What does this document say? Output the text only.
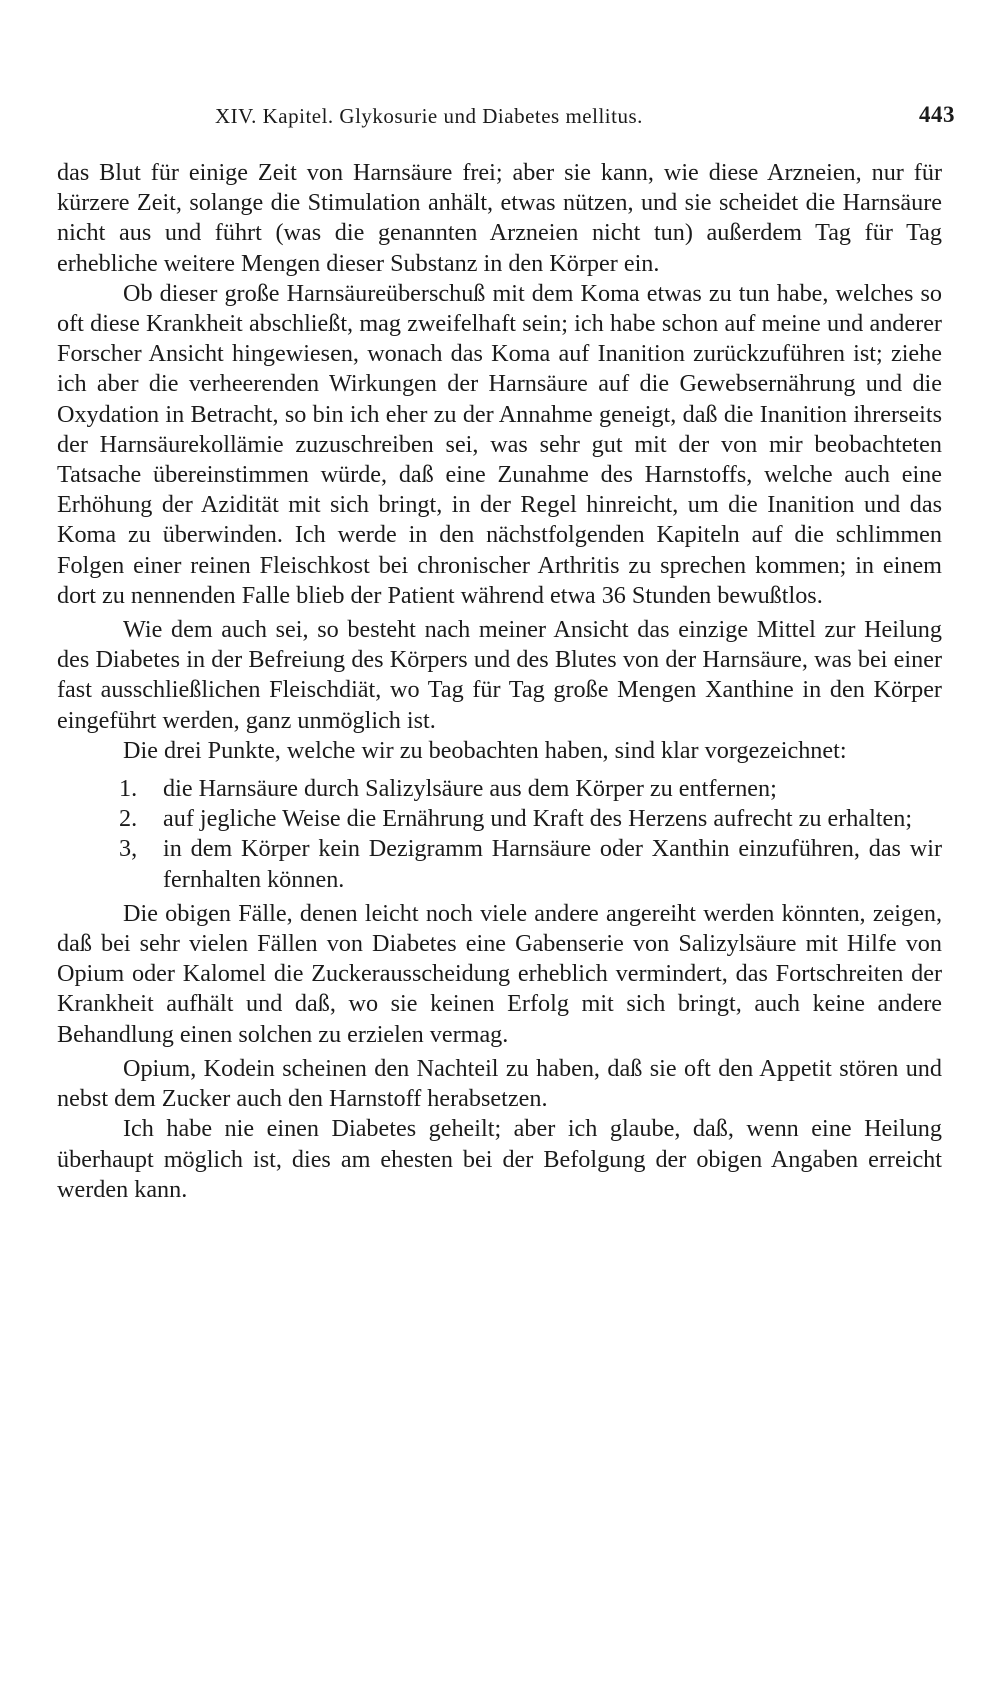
XIV. Kapitel. Glykosurie und Diabetes mellitus.	443

das Blut für einige Zeit von Harnsäure frei; aber sie kann, wie diese Arzneien, nur für kürzere Zeit, solange die Stimulation anhält, etwas nützen, und sie scheidet die Harnsäure nicht aus und führt (was die genannten Arzneien nicht tun) außerdem Tag für Tag erhebliche weitere Mengen dieser Substanz in den Körper ein.

Ob dieser große Harnsäureüberschuß mit dem Koma etwas zu tun habe, welches so oft diese Krankheit abschließt, mag zweifelhaft sein; ich habe schon auf meine und anderer Forscher Ansicht hingewiesen, wonach das Koma auf Inanition zurückzuführen ist; ziehe ich aber die verheerenden Wirkungen der Harnsäure auf die Gewebsernährung und die Oxydation in Betracht, so bin ich eher zu der Annahme geneigt, daß die Inanition ihrerseits der Harnsäurekollämie zuzuschreiben sei, was sehr gut mit der von mir beobachteten Tatsache übereinstimmen würde, daß eine Zunahme des Harnstoffs, welche auch eine Erhöhung der Azidität mit sich bringt, in der Regel hinreicht, um die Inanition und das Koma zu überwinden. Ich werde in den nächstfolgenden Kapiteln auf die schlimmen Folgen einer reinen Fleischkost bei chronischer Arthritis zu sprechen kommen; in einem dort zu nennenden Falle blieb der Patient während etwa 36 Stunden bewußtlos.

Wie dem auch sei, so besteht nach meiner Ansicht das einzige Mittel zur Heilung des Diabetes in der Befreiung des Körpers und des Blutes von der Harnsäure, was bei einer fast ausschließlichen Fleischdiät, wo Tag für Tag große Mengen Xanthine in den Körper eingeführt werden, ganz unmöglich ist.

Die drei Punkte, welche wir zu beobachten haben, sind klar vorgezeichnet:

1. die Harnsäure durch Salizylsäure aus dem Körper zu entfernen;
2. auf jegliche Weise die Ernährung und Kraft des Herzens aufrecht zu erhalten;
3, in dem Körper kein Dezigramm Harnsäure oder Xanthin einzuführen, das wir fernhalten können.

Die obigen Fälle, denen leicht noch viele andere angereiht werden könnten, zeigen, daß bei sehr vielen Fällen von Diabetes eine Gabenserie von Salizylsäure mit Hilfe von Opium oder Kalomel die Zuckerausscheidung erheblich vermindert, das Fortschreiten der Krankheit aufhält und daß, wo sie keinen Erfolg mit sich bringt, auch keine andere Behandlung einen solchen zu erzielen vermag.

Opium, Kodein scheinen den Nachteil zu haben, daß sie oft den Appetit stören und nebst dem Zucker auch den Harnstoff herabsetzen.

Ich habe nie einen Diabetes geheilt; aber ich glaube, daß, wenn eine Heilung überhaupt möglich ist, dies am ehesten bei der Befolgung der obigen Angaben erreicht werden kann.
